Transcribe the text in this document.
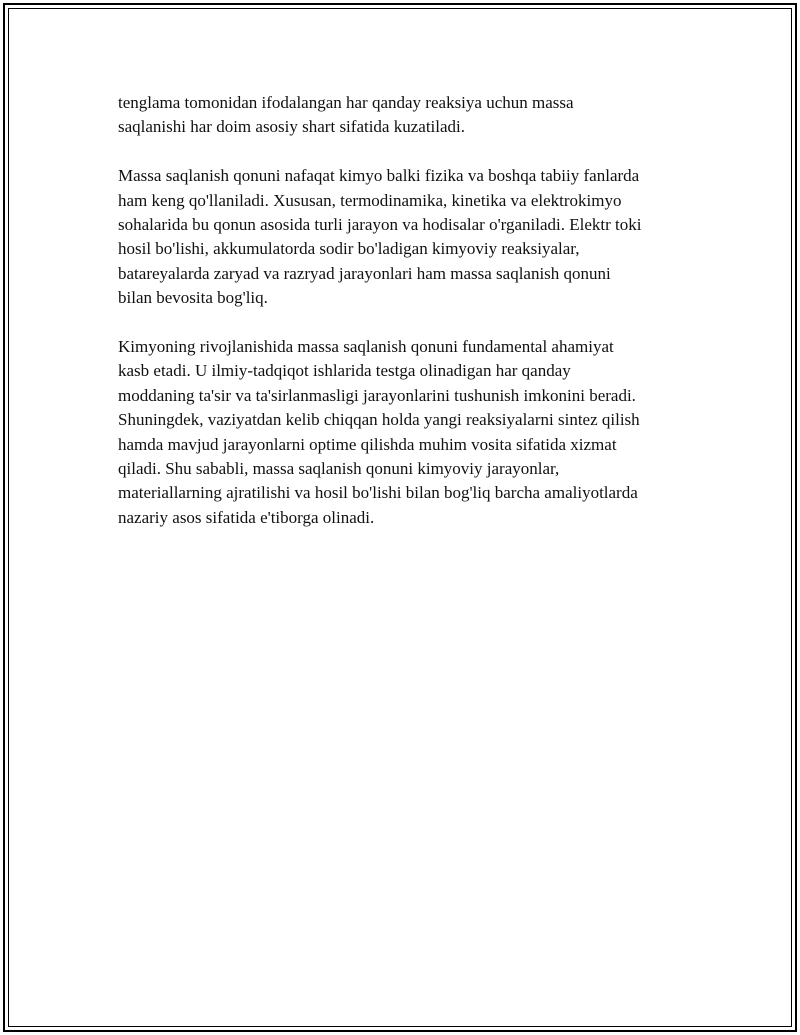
tenglama tomonidan ifodalangan har qanday reaksiya uchun massa
saqlanishi har doim asosiy shart sifatida kuzatiladi.

Massa saqlanish qonuni nafaqat kimyo balki fizika va boshqa tabiiy fanlarda
ham keng qo'llaniladi. Xususan, termodinamika, kinetika va elektrokimyo
sohalarida bu qonun asosida turli jarayon va hodisalar o'rganiladi. Elektr toki
hosil bo'lishi, akkumulatorda sodir bo'ladigan kimyoviy reaksiyalar,
batareyalarda zaryad va razryad jarayonlari ham massa saqlanish qonuni
bilan bevosita bog'liq.

Kimyoning rivojlanishida massa saqlanish qonuni fundamental ahamiyat
kasb etadi. U ilmiy-tadqiqot ishlarida testga olinadigan har qanday
moddaning ta'sir va ta'sirlanmasligi jarayonlarini tushunish imkonini beradi.
Shuningdek, vaziyatdan kelib chiqqan holda yangi reaksiyalarni sintez qilish
hamda mavjud jarayonlarni optime qilishda muhim vosita sifatida xizmat
qiladi. Shu sababli, massa saqlanish qonuni kimyoviy jarayonlar,
materiallarning ajratilishi va hosil bo'lishi bilan bog'liq barcha amaliyotlarda
nazariy asos sifatida e'tiborga olinadi.
